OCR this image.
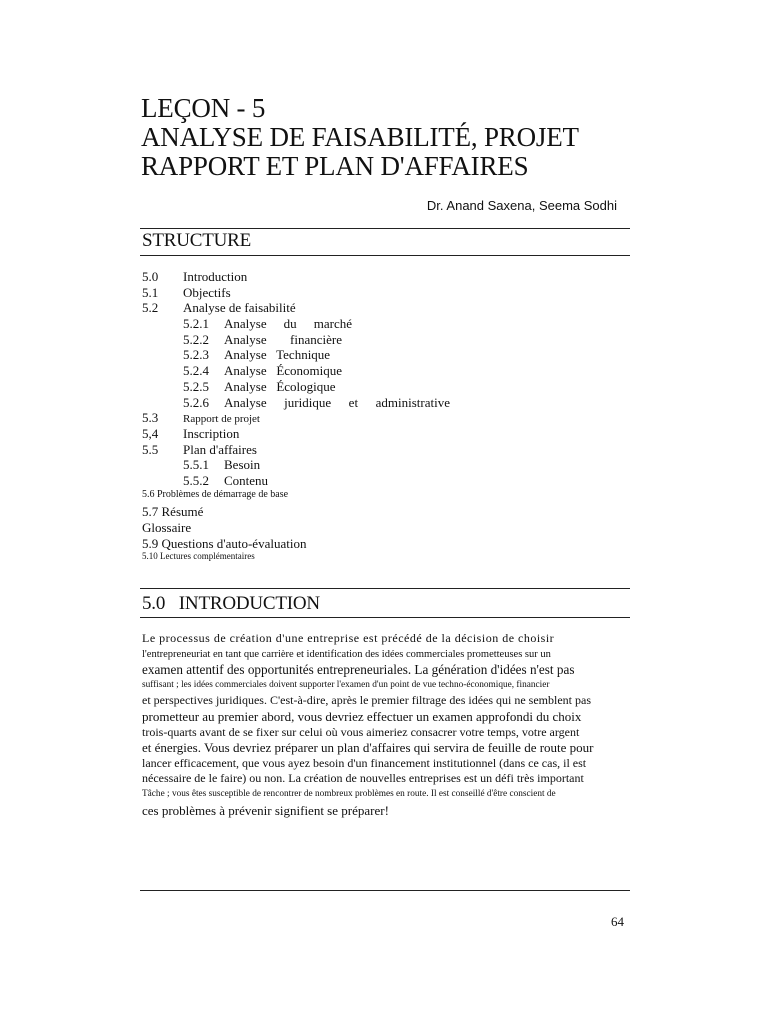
LEÇON - 5
ANALYSE DE FAISABILITÉ, PROJET
RAPPORT ET PLAN D'AFFAIRES
Dr. Anand Saxena, Seema Sodhi
STRUCTURE
5.0	Introduction
5.1	Objectifs
5.2	Analyse de faisabilité
5.2.1	Analyse du marché
5.2.2	Analyse financière
5.2.3	Analyse   Technique
5.2.4	Analyse   Économique
5.2.5	Analyse   Écologique
5.2.6	Analyse juridique et administrative
5.3	Rapport de projet
5,4	Inscription
5.5	Plan d'affaires
5.5.1	Besoin
5.5.2	Contenu
5.6 Problèmes de démarrage de base
5.7 Résumé
Glossaire
5.9 Questions d'auto-évaluation
5.10 Lectures complémentaires
5.0   INTRODUCTION
Le processus de création d'une entreprise est précédé de la décision de choisir
l'entrepreneuriat en tant que carrière et identification des idées commerciales prometteuses sur un
examen attentif des opportunités entrepreneuriales. La génération d'idées n'est pas
suffisant ; les idées commerciales doivent supporter l'examen d'un point de vue techno-économique, financier
et perspectives juridiques. C'est-à-dire, après le premier filtrage des idées qui ne semblent pas
prometteur au premier abord, vous devriez effectuer un examen approfondi du choix
trois-quarts avant de se fixer sur celui où vous aimeriez consacrer votre temps, votre argent
et énergies. Vous devriez préparer un plan d'affaires qui servira de feuille de route pour
lancer efficacement, que vous ayez besoin d'un financement institutionnel (dans ce cas, il est
nécessaire de le faire) ou non. La création de nouvelles entreprises est un défi très important
Tâche ; vous êtes susceptible de rencontrer de nombreux problèmes en route. Il est conseillé d'être conscient de
ces problèmes à prévenir signifient se préparer!
64
